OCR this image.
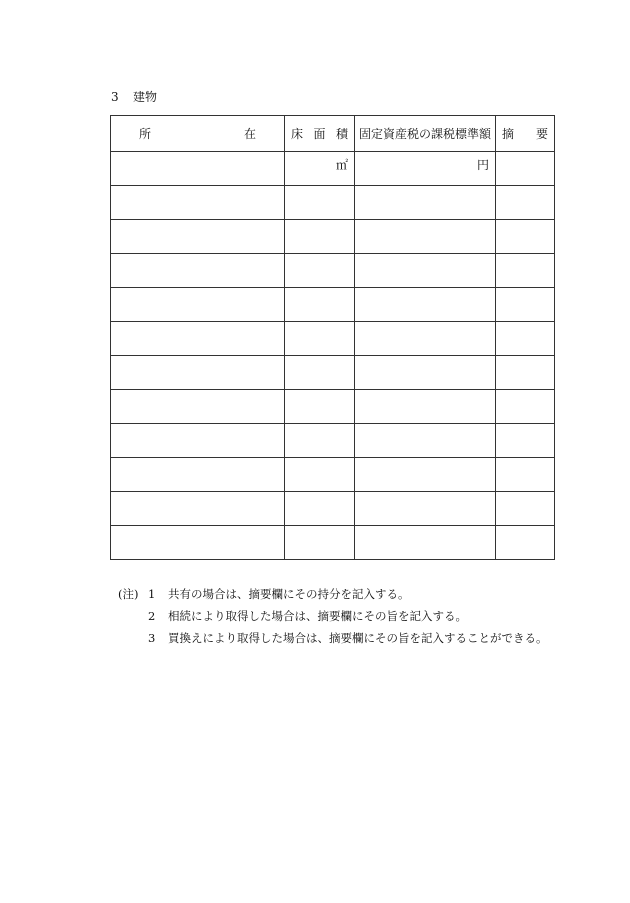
3 建物
所 在	床 面 積	固定資産税の課税標準額	摘 要

	㎡	円	

(注) 1	共有の場合は、摘要欄にその持分を記入する。
2	相続により取得した場合は、摘要欄にその旨を記入する。
3	買換えにより取得した場合は、摘要欄にその旨を記入することができる。
